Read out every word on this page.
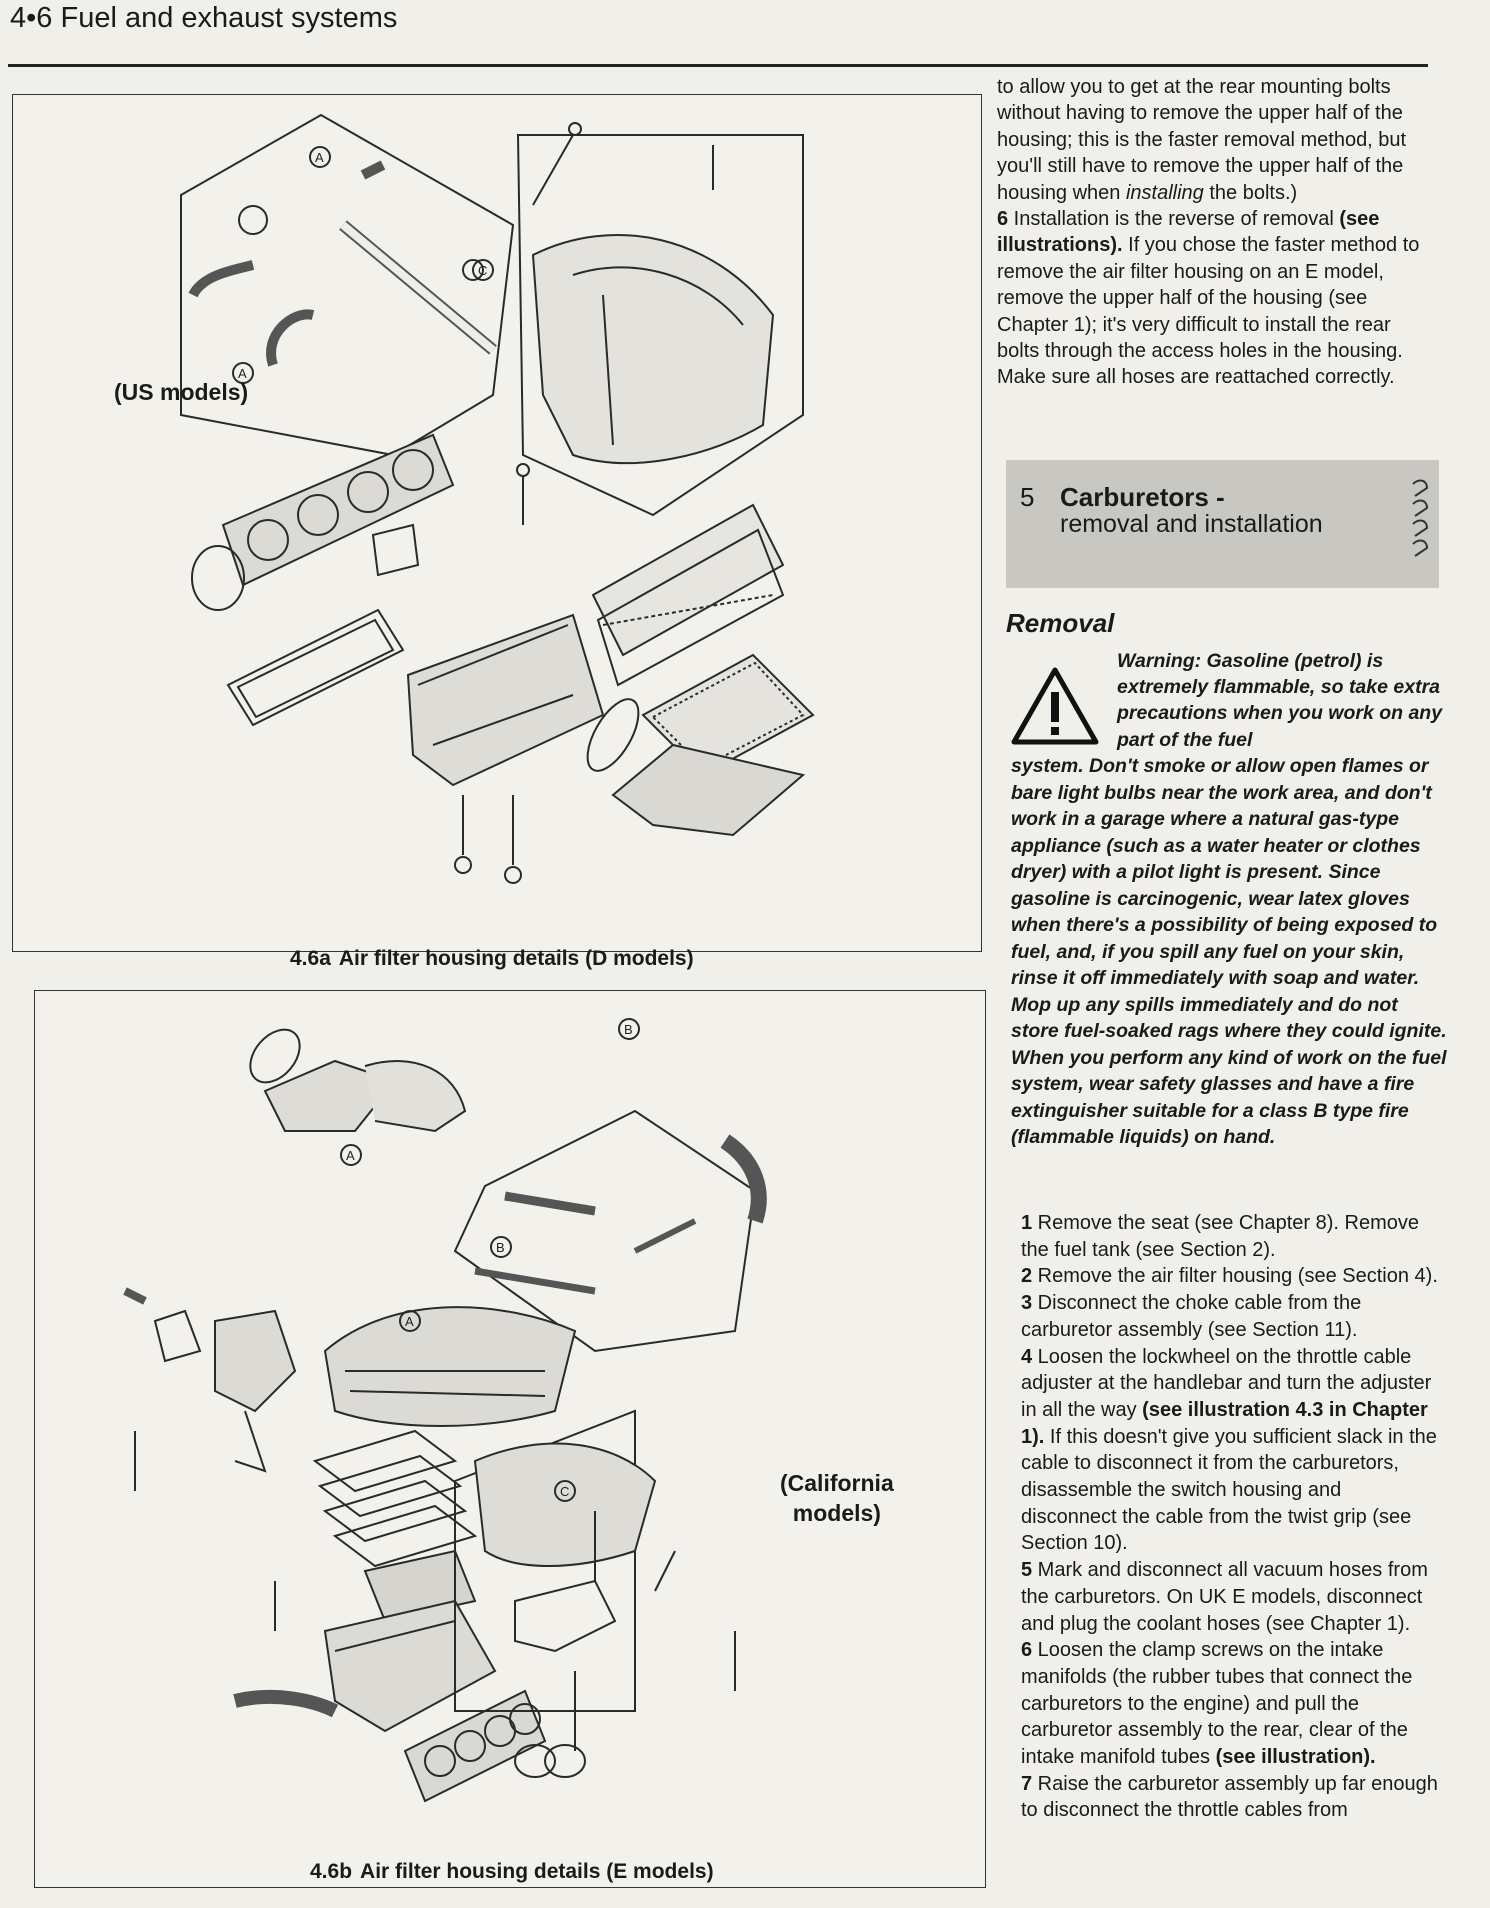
4•6 Fuel and exhaust systems
A
A
C
(US models)
4.6a Air filter housing details (D models)
B
A
B
A
C	(California
models)
4.6b Air filter housing details (E models)

to allow you to get at the rear mounting bolts without having to remove the upper half of the housing; this is the faster removal method, but you'll still have to remove the upper half of the housing when installing the bolts.)

6 Installation is the reverse of removal (see illustrations). If you chose the faster method to remove the air filter housing on an E model, remove the upper half of the housing (see Chapter 1); it's very difficult to install the rear bolts through the access holes in the housing. Make sure all hoses are reattached correctly.

5 Carburetors -
removal and installation
Removal
Warning: Gasoline (petrol) is extremely flammable, so take extra precautions when you work on any part of the fuel
system. Don't smoke or allow open flames or bare light bulbs near the work area, and don't work in a garage where a natural gas-type appliance (such as a water heater or clothes dryer) with a pilot light is present. Since gasoline is carcinogenic, wear latex gloves when there's a possibility of being exposed to fuel, and, if you spill any fuel on your skin, rinse it off immediately with soap and water. Mop up any spills immediately and do not store fuel-soaked rags where they could ignite. When you perform any kind of work on the fuel system, wear safety glasses and have a fire extinguisher suitable for a class B type fire (flammable liquids) on hand.

1 Remove the seat (see Chapter 8). Remove the fuel tank (see Section 2).

2 Remove the air filter housing (see Section 4).

3 Disconnect the choke cable from the carburetor assembly (see Section 11).

4 Loosen the lockwheel on the throttle cable adjuster at the handlebar and turn the adjuster in all the way (see illustration 4.3 in Chapter 1). If this doesn't give you sufficient slack in the cable to disconnect it from the carburetors, disassemble the switch housing and disconnect the cable from the twist grip (see Section 10).

5 Mark and disconnect all vacuum hoses from the carburetors. On UK E models, disconnect and plug the coolant hoses (see Chapter 1).

6 Loosen the clamp screws on the intake manifolds (the rubber tubes that connect the carburetors to the engine) and pull the carburetor assembly to the rear, clear of the intake manifold tubes (see illustration).

7 Raise the carburetor assembly up far enough to disconnect the throttle cables from
